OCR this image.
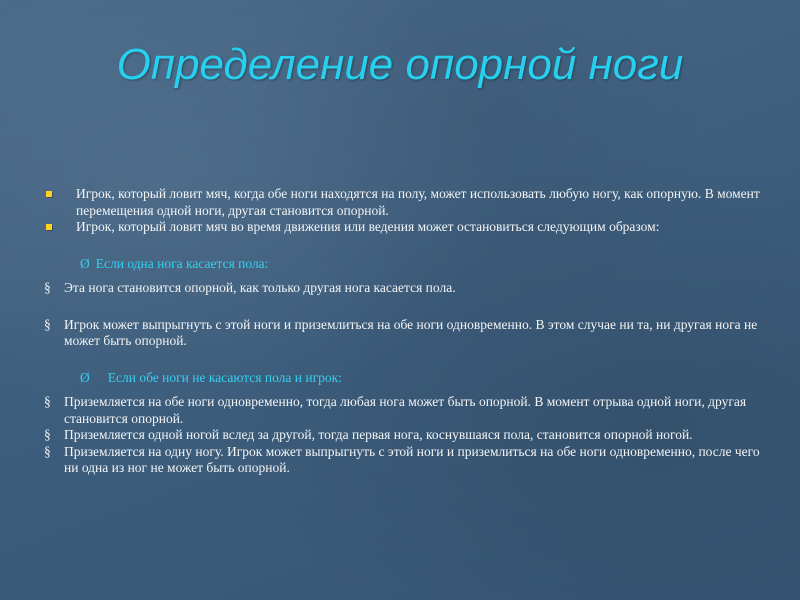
Определение опорной ноги

Игрок, который ловит мяч, когда обе ноги находятся на полу, может использовать любую ногу, как опорную. В момент перемещения одной ноги, другая становится опорной.

Игрок, который ловит мяч во время движения или ведения может остановиться следующим образом:

Ø Если одна нога касается пола:

§ Эта нога становится опорной, как только другая нога касается пола.

§ Игрок может выпрыгнуть с этой ноги и приземлиться на обе ноги одновременно. В этом случае ни та, ни другая нога не может быть опорной.

Ø Если обе ноги не касаются пола и игрок:

§ Приземляется на обе ноги одновременно, тогда любая нога может быть опорной. В момент отрыва одной ноги, другая становится опорной.

§ Приземляется одной ногой вслед за другой, тогда первая нога, коснувшаяся пола, становится опорной ногой.

§ Приземляется на одну ногу. Игрок может выпрыгнуть с этой ноги и приземлиться на обе ноги одновременно, после чего ни одна из ног не может быть опорной.
